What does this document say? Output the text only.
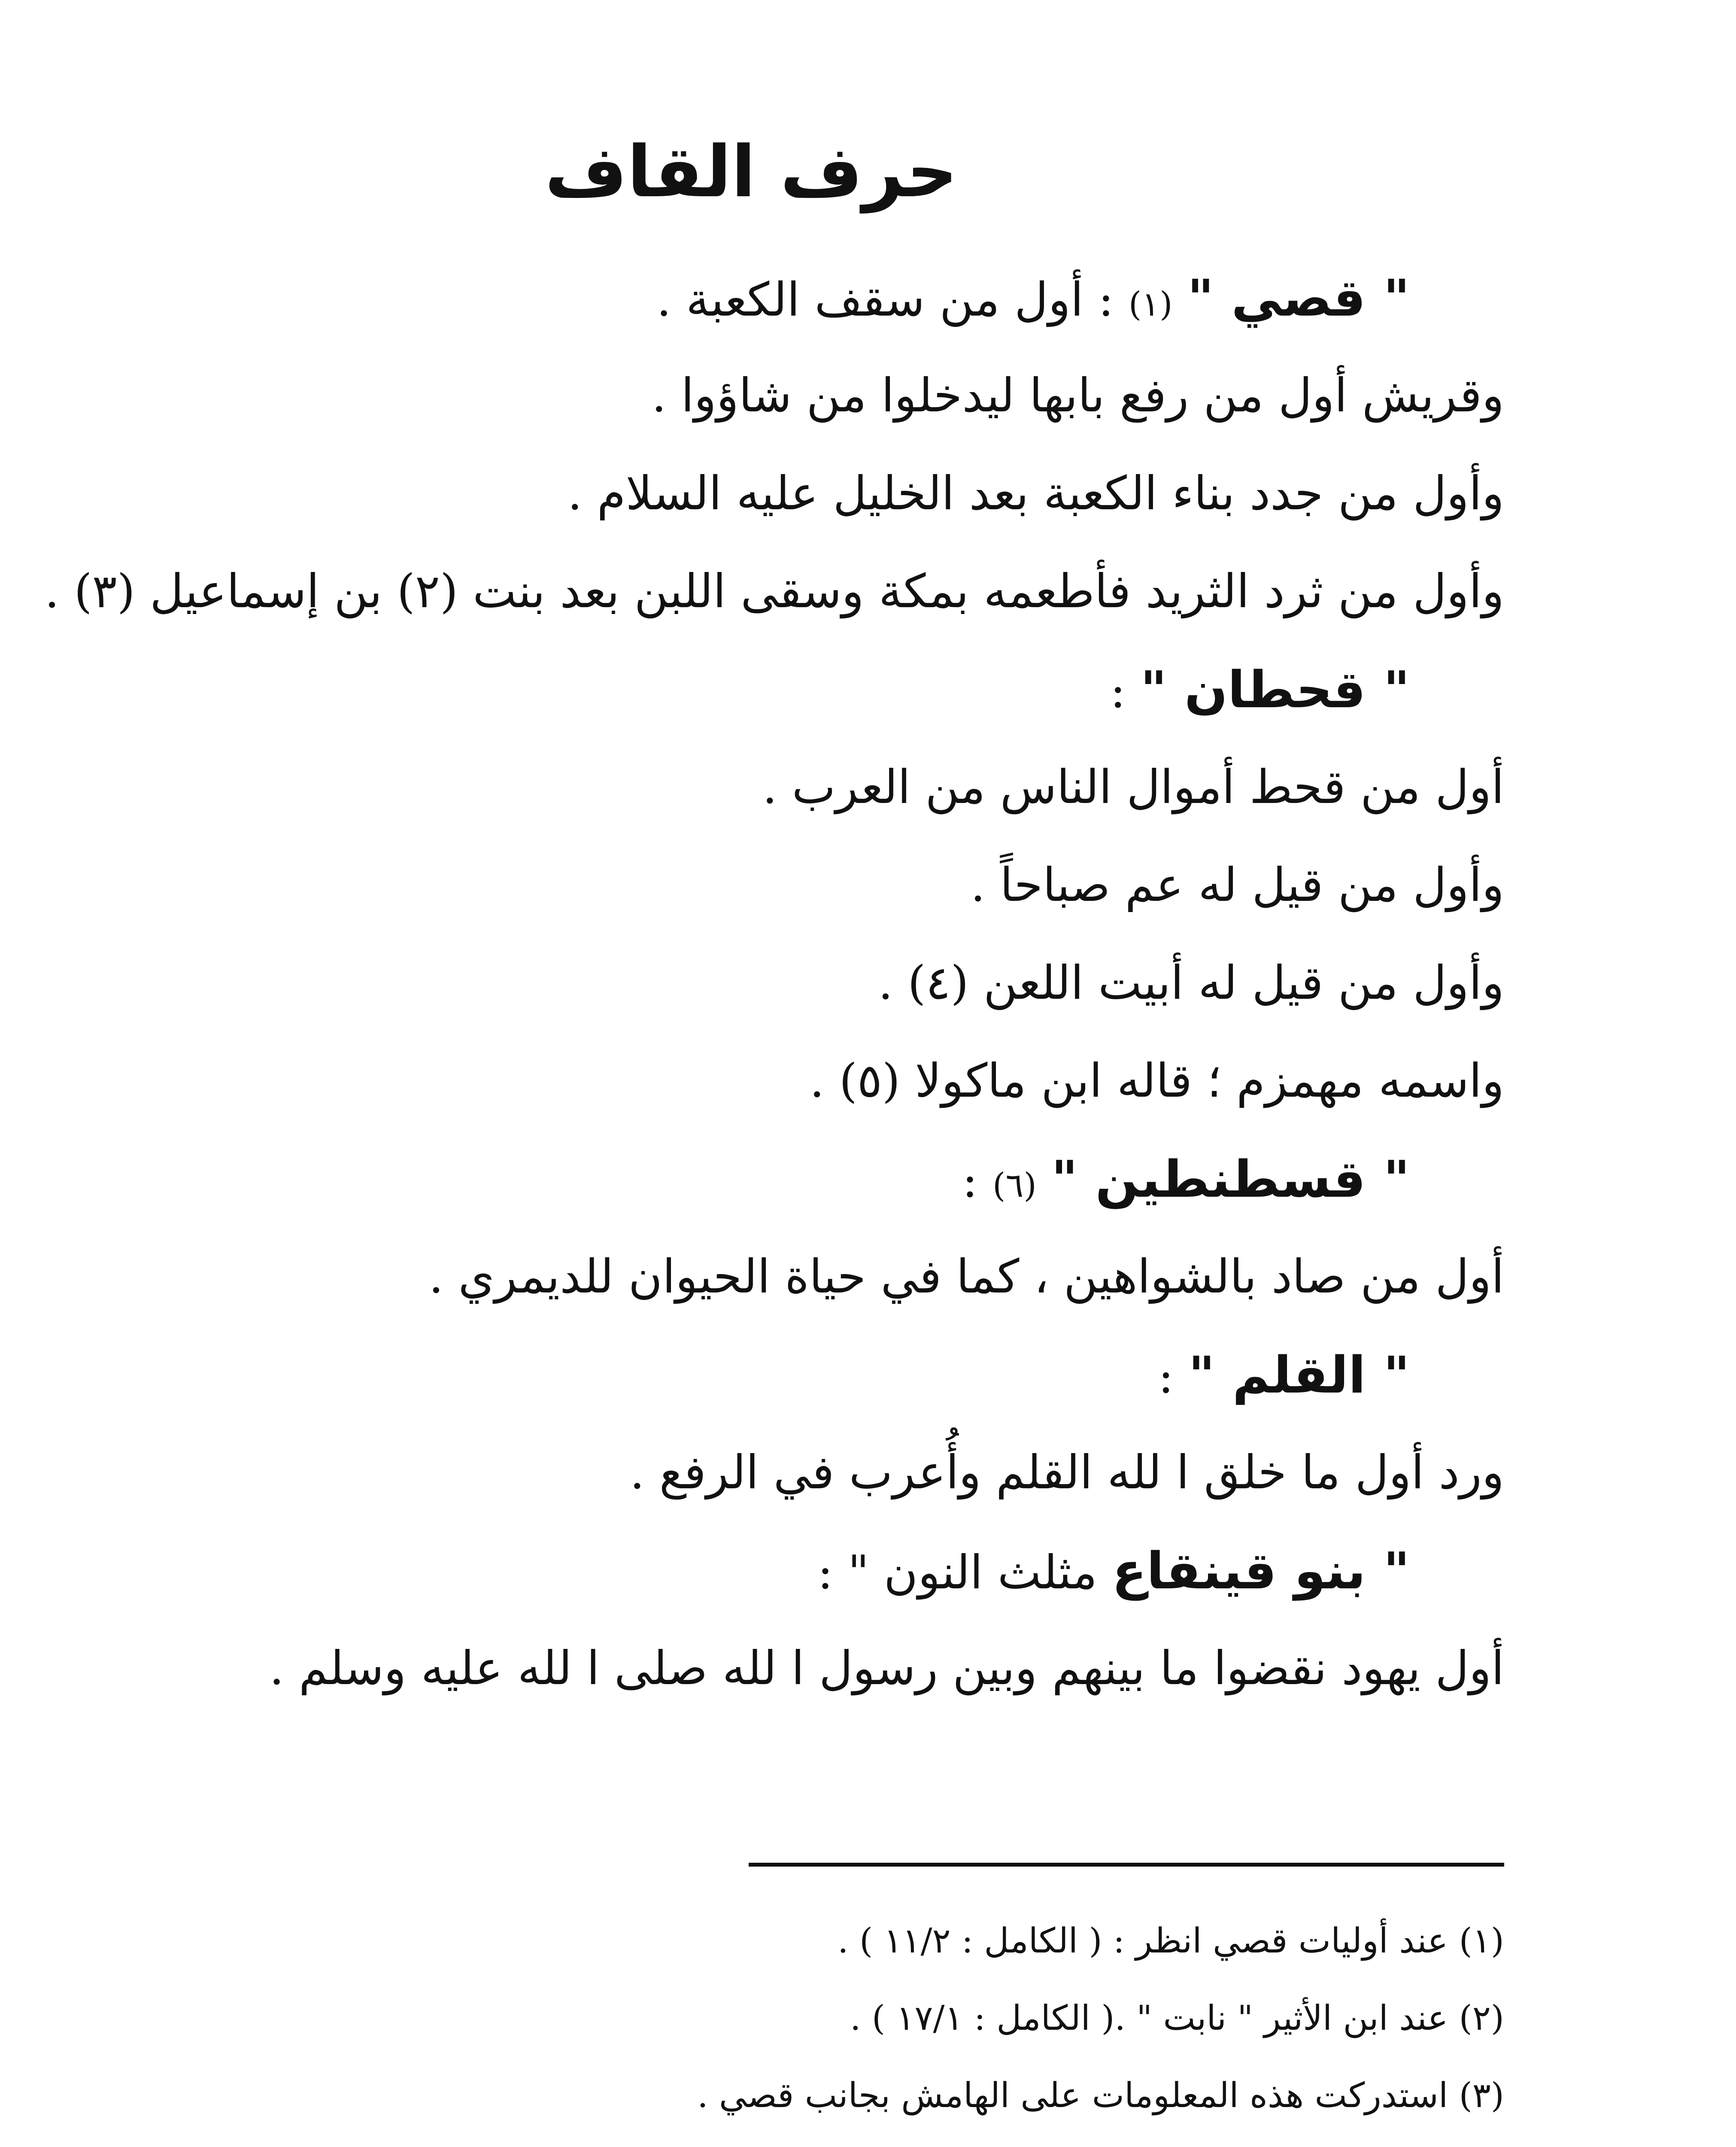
حرف القاف
" قصي " (١) : أول من سقف الكعبة .
وقريش أول من رفع بابها ليدخلوا من شاؤوا .
وأول من جدد بناء الكعبة بعد الخليل عليه السلام .
وأول من ثرد الثريد فأطعمه بمكة وسقى اللبن بعد بنت (٢) بن إسماعيل (٣) .
" قحطان " :
أول من قحط أموال الناس من العرب .
وأول من قيل له عم صباحاً .
وأول من قيل له أبيت اللعن (٤) .
واسمه مهمزم ؛ قاله ابن ماكولا (٥) .
" قسطنطين " (٦) :
أول من صاد بالشواهين ، كما في حياة الحيوان للديمري .
" القلم " :
ورد أول ما خلق ا لله القلم وأُعرب في الرفع .
" بنو قينقاع مثلث النون " :
أول يهود نقضوا ما بينهم وبين رسول ا لله صلى ا لله عليه وسلم .
(١) عند أوليات قصي انظر : ( الكامل : ١١/٢ ) .
(٢) عند ابن الأثير " نابت " .( الكامل : ١٧/١ ) .
(٣) استدركت هذه المعلومات على الهامش بجانب قصي .
